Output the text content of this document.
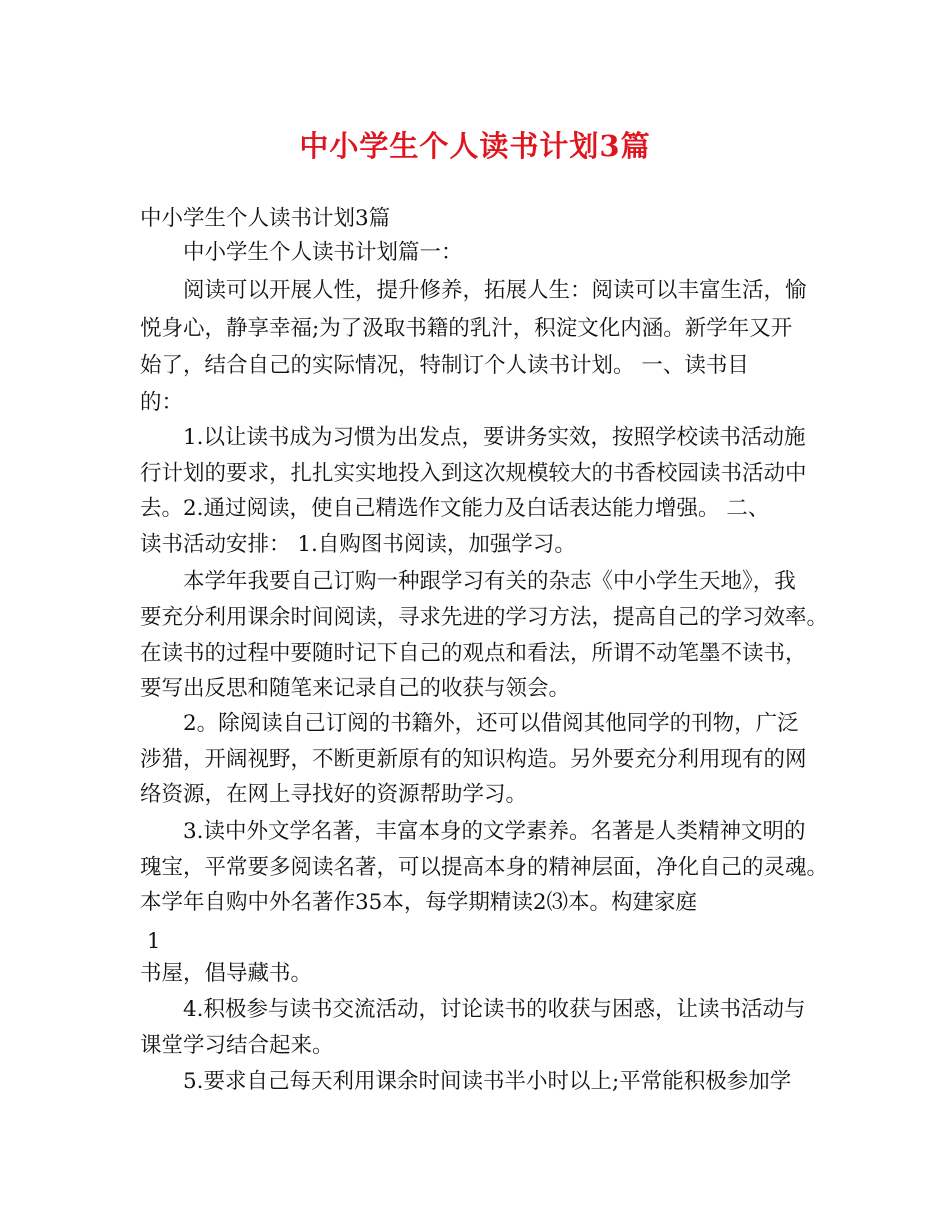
中小学生个人读书计划3篇

中小学生个人读书计划3篇

中小学生个人读书计划篇一：

阅读可以开展人性，提升修养，拓展人生：阅读可以丰富生活，愉

悦身心，静享幸福;为了汲取书籍的乳汁，积淀文化内涵。新学年又开

始了，结合自己的实际情况，特制订个人读书计划。 一、读书目

的：

1.以让读书成为习惯为出发点，要讲务实效，按照学校读书活动施

行计划的要求，扎扎实实地投入到这次规模较大的书香校园读书活动中

去。2.通过阅读，使自己精选作文能力及白话表达能力增强。 二、

读书活动安排： 1.自购图书阅读，加强学习。

本学年我要自己订购一种跟学习有关的杂志《中小学生天地》，我

要充分利用课余时间阅读，寻求先进的学习方法，提高自己的学习效率。

在读书的过程中要随时记下自己的观点和看法，所谓不动笔墨不读书，

要写出反思和随笔来记录自己的收获与领会。

2。除阅读自己订阅的书籍外，还可以借阅其他同学的刊物，广泛

涉猎，开阔视野，不断更新原有的知识构造。另外要充分利用现有的网

络资源，在网上寻找好的资源帮助学习。

3.读中外文学名著，丰富本身的文学素养。名著是人类精神文明的

瑰宝，平常要多阅读名著，可以提高本身的精神层面，净化自己的灵魂。

本学年自购中外名著作35本，每学期精读2⑶本。构建家庭

1

书屋，倡导藏书。

4.积极参与读书交流活动，讨论读书的收获与困惑，让读书活动与

课堂学习结合起来。

5.要求自己每天利用课余时间读书半小时以上;平常能积极参加学
